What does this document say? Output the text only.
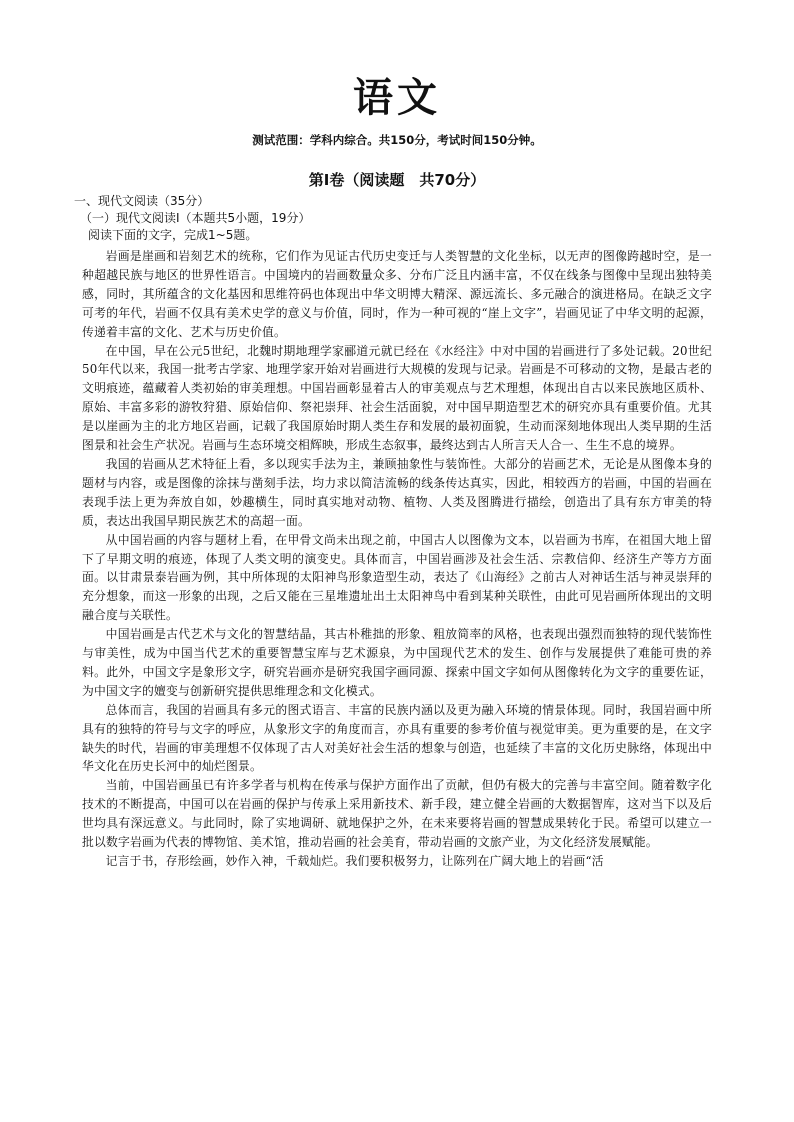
语文
测试范围：学科内综合。共150分，考试时间150分钟。
第Ⅰ卷（阅读题　共70分）
一、现代文阅读（35分）
（一）现代文阅读Ⅰ（本题共5小题，19分）
阅读下面的文字，完成1~5题。

岩画是崖画和岩刻艺术的统称，它们作为见证古代历史变迁与人类智慧的文化坐标，以无声的图像跨越时空，是一种超越民族与地区的世界性语言。中国境内的岩画数量众多、分布广泛且内涵丰富，不仅在线条与图像中呈现出独特美感，同时，其所蕴含的文化基因和思维符码也体现出中华文明博大精深、源远流长、多元融合的演进格局。在缺乏文字可考的年代，岩画不仅具有美术史学的意义与价值，同时，作为一种可视的“崖上文字”，岩画见证了中华文明的起源，传递着丰富的文化、艺术与历史价值。

在中国，早在公元5世纪，北魏时期地理学家郦道元就已经在《水经注》中对中国的岩画进行了多处记载。20世纪50年代以来，我国一批考古学家、地理学家开始对岩画进行大规模的发现与记录。岩画是不可移动的文物，是最古老的文明痕迹，蕴藏着人类初始的审美理想。中国岩画彰显着古人的审美观点与艺术理想，体现出自古以来民族地区质朴、原始、丰富多彩的游牧狩猎、原始信仰、祭祀崇拜、社会生活面貌，对中国早期造型艺术的研究亦具有重要价值。尤其是以崖画为主的北方地区岩画，记载了我国原始时期人类生存和发展的最初面貌，生动而深刻地体现出人类早期的生活图景和社会生产状况。岩画与生态环境交相辉映，形成生态叙事，最终达到古人所言天人合一、生生不息的境界。

我国的岩画从艺术特征上看，多以现实手法为主，兼顾抽象性与装饰性。大部分的岩画艺术，无论是从图像本身的题材与内容，或是图像的涂抹与凿刻手法，均力求以简洁流畅的线条传达真实，因此，相较西方的岩画，中国的岩画在表现手法上更为奔放自如，妙趣横生，同时真实地对动物、植物、人类及图腾进行描绘，创造出了具有东方审美的特质，表达出我国早期民族艺术的高超一面。

从中国岩画的内容与题材上看，在甲骨文尚未出现之前，中国古人以图像为文本，以岩画为书库，在祖国大地上留下了早期文明的痕迹，体现了人类文明的演变史。具体而言，中国岩画涉及社会生活、宗教信仰、经济生产等方方面面。以甘肃景泰岩画为例，其中所体现的太阳神鸟形象造型生动，表达了《山海经》之前古人对神话生活与神灵崇拜的充分想象，而这一形象的出现，之后又能在三星堆遗址出土太阳神鸟中看到某种关联性，由此可见岩画所体现出的文明融合度与关联性。

中国岩画是古代艺术与文化的智慧结晶，其古朴稚拙的形象、粗放简率的风格，也表现出强烈而独特的现代装饰性与审美性，成为中国当代艺术的重要智慧宝库与艺术源泉，为中国现代艺术的发生、创作与发展提供了难能可贵的养料。此外，中国文字是象形文字，研究岩画亦是研究我国字画同源、探索中国文字如何从图像转化为文字的重要佐证，为中国文字的嬗变与创新研究提供思维理念和文化模式。

总体而言，我国的岩画具有多元的图式语言、丰富的民族内涵以及更为融入环境的情景体现。同时，我国岩画中所具有的独特的符号与文字的呼应，从象形文字的角度而言，亦具有重要的参考价值与视觉审美。更为重要的是，在文字缺失的时代，岩画的审美理想不仅体现了古人对美好社会生活的想象与创造，也延续了丰富的文化历史脉络，体现出中华文化在历史长河中的灿烂图景。

当前，中国岩画虽已有许多学者与机构在传承与保护方面作出了贡献，但仍有极大的完善与丰富空间。随着数字化技术的不断提高，中国可以在岩画的保护与传承上采用新技术、新手段，建立健全岩画的大数据智库，这对当下以及后世均具有深远意义。与此同时，除了实地调研、就地保护之外，在未来要将岩画的智慧成果转化于民。希望可以建立一批以数字岩画为代表的博物馆、美术馆，推动岩画的社会美育，带动岩画的文旅产业，为文化经济发展赋能。

记言于书，存形绘画，妙作入神，千载灿烂。我们要积极努力，让陈列在广阔大地上的岩画“活
